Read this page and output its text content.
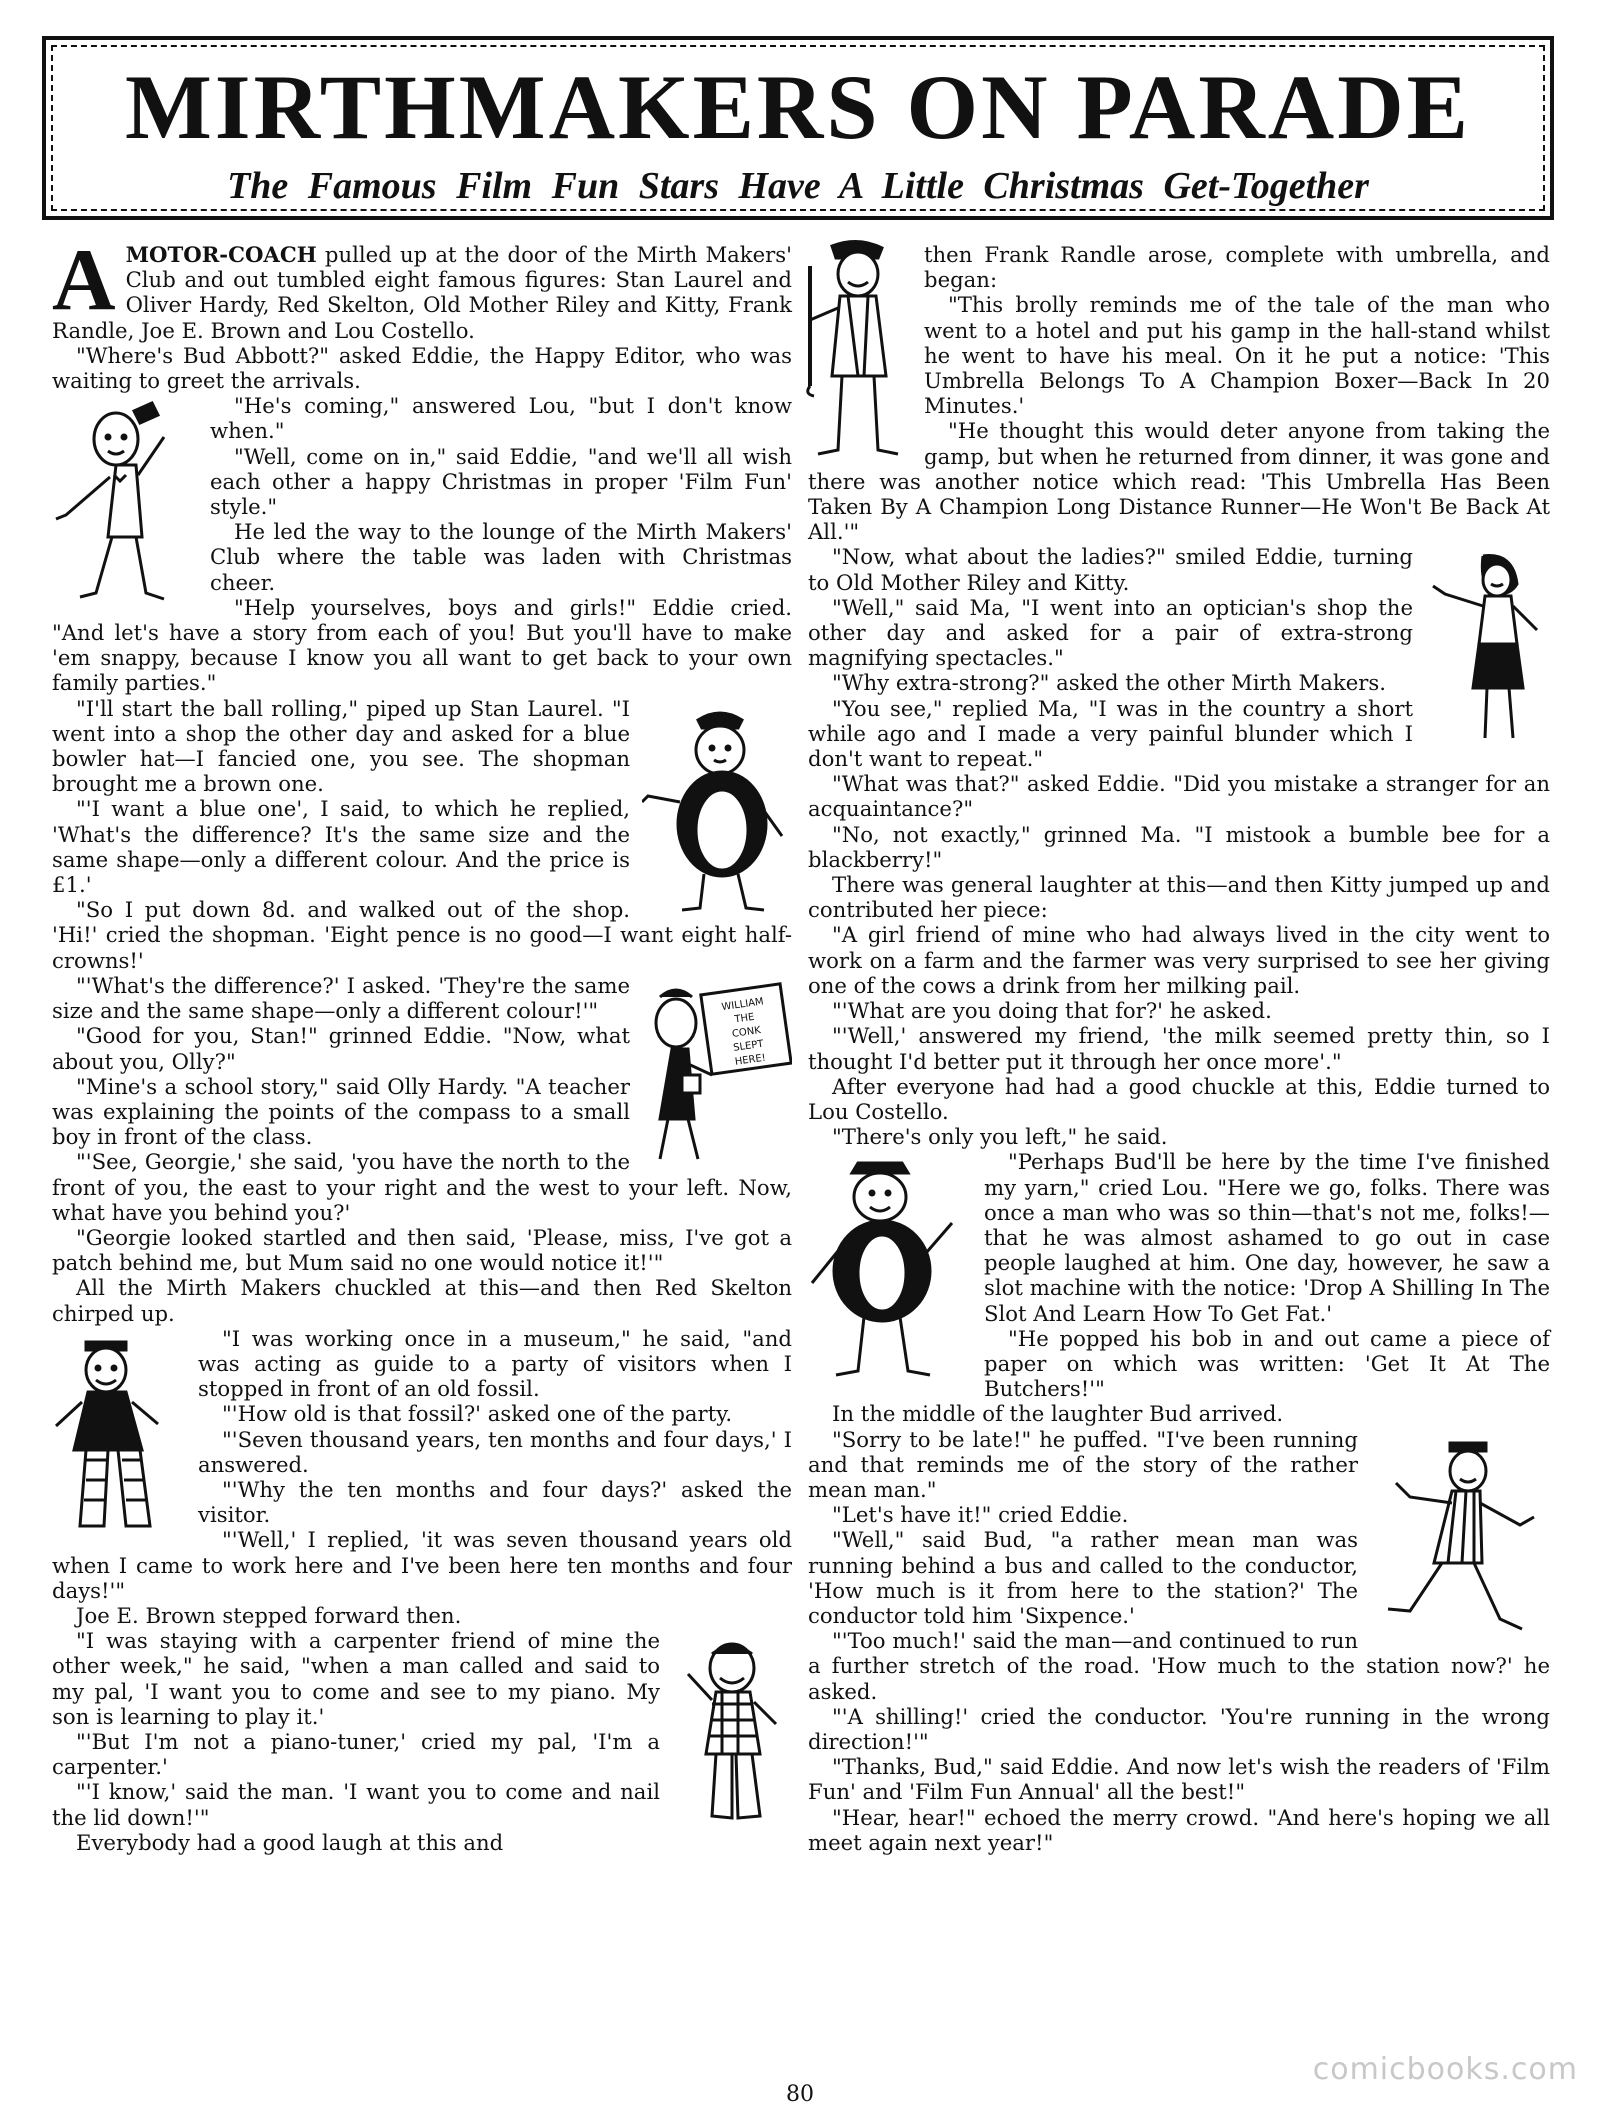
MIRTHMAKERS ON PARADE
The Famous Film Fun Stars Have A Little Christmas Get-Together

AMOTOR-COACH pulled up at the door of the Mirth Makers' Club and out tumbled eight famous figures: Stan Laurel and Oliver Hardy, Red Skelton, Old Mother Riley and Kitty, Frank Randle, Joe E. Brown and Lou Costello.

"Where's Bud Abbott?" asked Eddie, the Happy Editor, who was waiting to greet the arrivals.

"He's coming," answered Lou, "but I don't know when."

"Well, come on in," said Eddie, "and we'll all wish each other a happy Christmas in proper 'Film Fun' style."

He led the way to the lounge of the Mirth Makers' Club where the table was laden with Christmas cheer.

"Help yourselves, boys and girls!" Eddie cried. "And let's have a story from each of you! But you'll have to make 'em snappy, because I know you all want to get back to your own family parties."

"I'll start the ball rolling," piped up Stan Laurel. "I went into a shop the other day and asked for a blue bowler hat—I fancied one, you see. The shopman brought me a brown one.

"'I want a blue one', I said, to which he replied, 'What's the difference? It's the same size and the same shape—only a different colour. And the price is £1.'

"So I put down 8d. and walked out of the shop. 'Hi!' cried the shopman. 'Eight pence is no good—I want eight half-crowns!'

WILLIAM
THE
CONK
SLEPT
HERE!

"'What's the difference?' I asked. 'They're the same size and the same shape—only a different colour!'"

"Good for you, Stan!" grinned Eddie. "Now, what about you, Olly?"

"Mine's a school story," said Olly Hardy. "A teacher was explaining the points of the compass to a small boy in front of the class.

"'See, Georgie,' she said, 'you have the north to the front of you, the east to your right and the west to your left. Now, what have you behind you?'

"Georgie looked startled and then said, 'Please, miss, I've got a patch behind me, but Mum said no one would notice it!'"

All the Mirth Makers chuckled at this—and then Red Skelton chirped up.

"I was working once in a museum," he said, "and was acting as guide to a party of visitors when I stopped in front of an old fossil.

"'How old is that fossil?' asked one of the party.

"'Seven thousand years, ten months and four days,' I answered.

"'Why the ten months and four days?' asked the visitor.

"'Well,' I replied, 'it was seven thousand years old when I came to work here and I've been here ten months and four days!'"

Joe E. Brown stepped forward then.

"I was staying with a carpenter friend of mine the other week," he said, "when a man called and said to my pal, 'I want you to come and see to my piano. My son is learning to play it.'

"'But I'm not a piano-tuner,' cried my pal, 'I'm a carpenter.'

"'I know,' said the man. 'I want you to come and nail the lid down!'"

Everybody had a good laugh at this and

then Frank Randle arose, complete with umbrella, and began:

"This brolly reminds me of the tale of the man who went to a hotel and put his gamp in the hall-stand whilst he went to have his meal. On it he put a notice: 'This Umbrella Belongs To A Champion Boxer—Back In 20 Minutes.'

"He thought this would deter anyone from taking the gamp, but when he returned from dinner, it was gone and there was another notice which read: 'This Umbrella Has Been Taken By A Champion Long Distance Runner—He Won't Be Back At All.'"

"Now, what about the ladies?" smiled Eddie, turning to Old Mother Riley and Kitty.

"Well," said Ma, "I went into an optician's shop the other day and asked for a pair of extra-strong magnifying spectacles."

"Why extra-strong?" asked the other Mirth Makers.

"You see," replied Ma, "I was in the country a short while ago and I made a very painful blunder which I don't want to repeat."

"What was that?" asked Eddie. "Did you mistake a stranger for an acquaintance?"

"No, not exactly," grinned Ma. "I mistook a bumble bee for a blackberry!"

There was general laughter at this—and then Kitty jumped up and contributed her piece:

"A girl friend of mine who had always lived in the city went to work on a farm and the farmer was very surprised to see her giving one of the cows a drink from her milking pail.

"'What are you doing that for?' he asked.

"'Well,' answered my friend, 'the milk seemed pretty thin, so I thought I'd better put it through her once more'."

After everyone had had a good chuckle at this, Eddie turned to Lou Costello.

"There's only you left," he said.

"Perhaps Bud'll be here by the time I've finished my yarn," cried Lou. "Here we go, folks. There was once a man who was so thin—that's not me, folks!—that he was almost ashamed to go out in case people laughed at him. One day, however, he saw a slot machine with the notice: 'Drop A Shilling In The Slot And Learn How To Get Fat.'

"He popped his bob in and out came a piece of paper on which was written: 'Get It At The Butchers!'"

In the middle of the laughter Bud arrived.

"Sorry to be late!" he puffed. "I've been running and that reminds me of the story of the rather mean man."

"Let's have it!" cried Eddie.

"Well," said Bud, "a rather mean man was running behind a bus and called to the conductor, 'How much is it from here to the station?' The conductor told him 'Sixpence.'

"'Too much!' said the man—and continued to run a further stretch of the road. 'How much to the station now?' he asked.

"'A shilling!' cried the conductor. 'You're running in the wrong direction!'"

"Thanks, Bud," said Eddie. And now let's wish the readers of 'Film Fun' and 'Film Fun Annual' all the best!"

"Hear, hear!" echoed the merry crowd. "And here's hoping we all meet again next year!"

80
comicbooks.com
